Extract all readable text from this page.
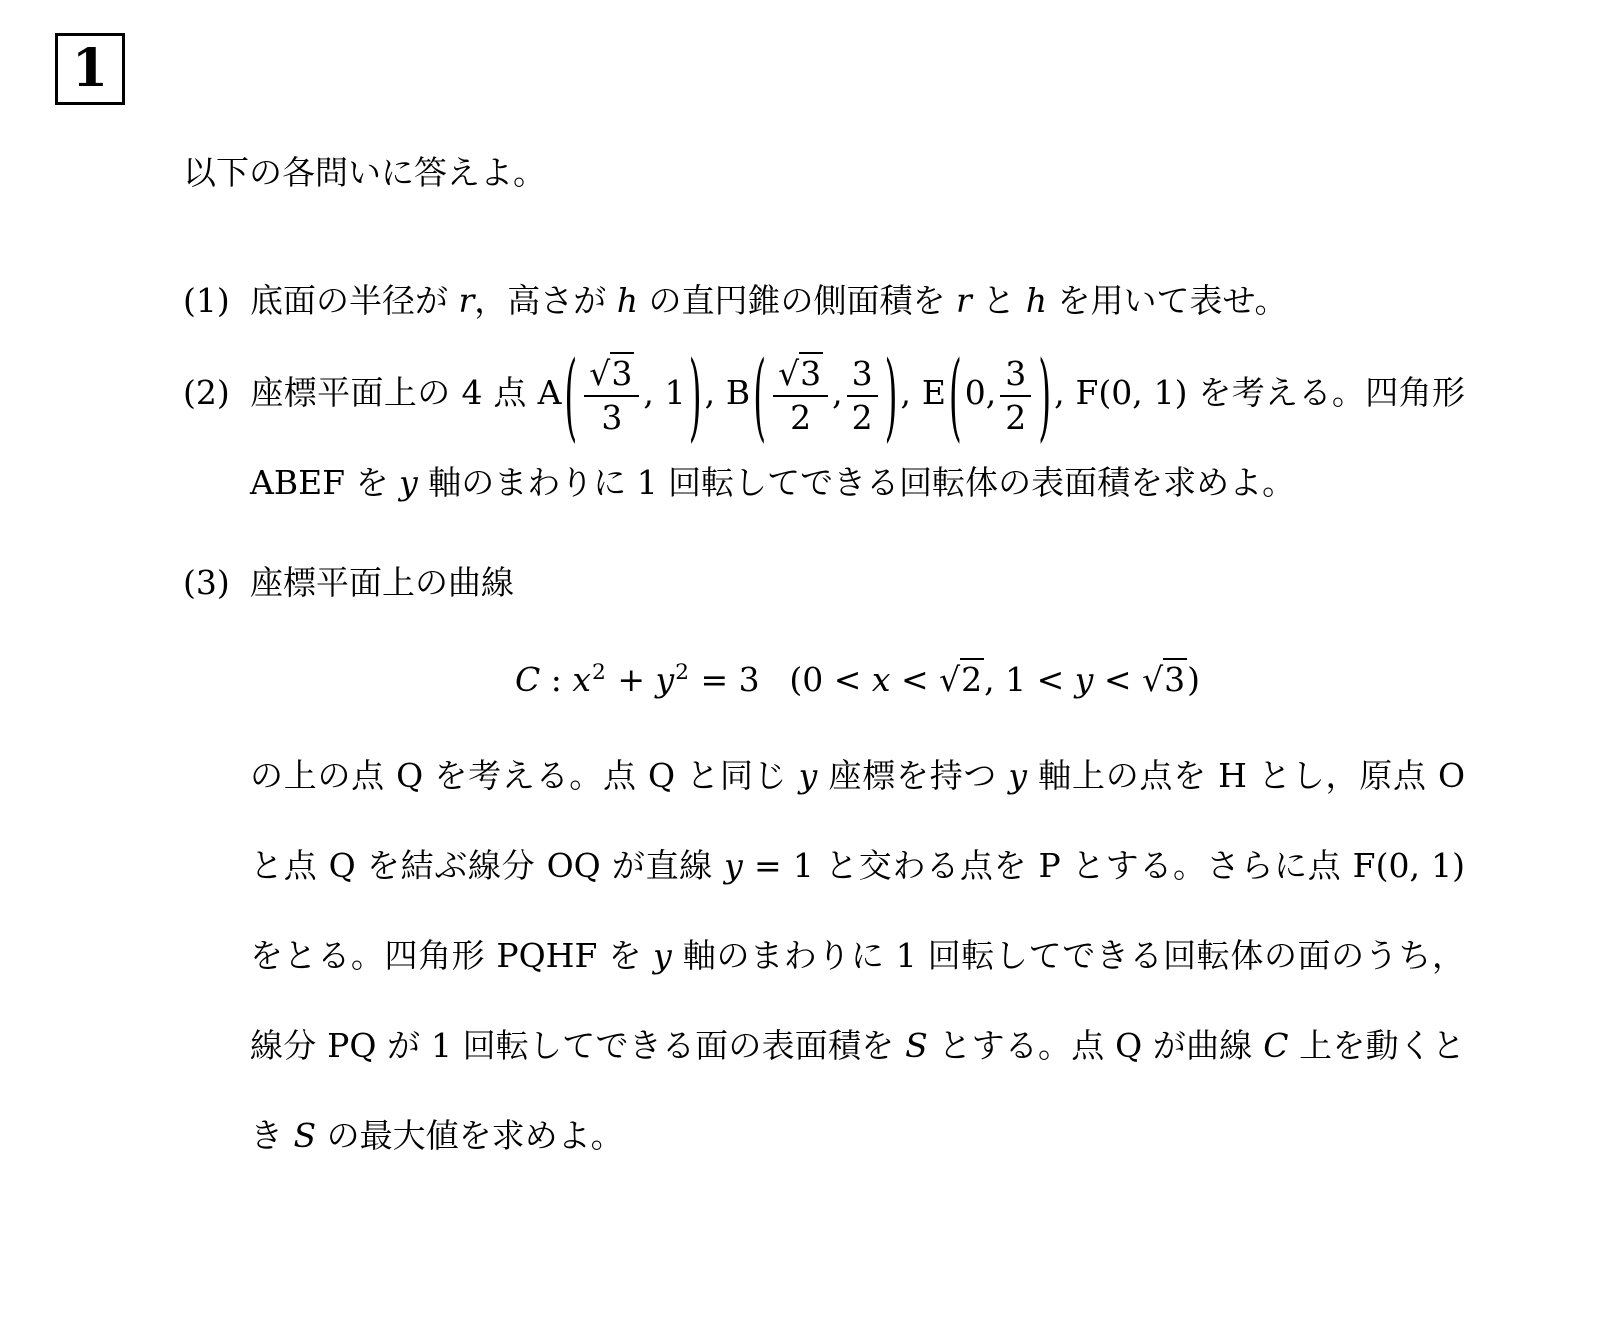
1
以下の各問いに答えよ。
(1) 底面の半径が r，高さが h の直円錐の側面積を r と h を用いて表せ。
(2) 座標平面上の 4 点 $A( \frac{√3}{3}$ , 1), $B( \frac{√3}{2}$ , $\frac{3}{2}$ ), E(0, $\frac{3}{2}$ ), F(0, 1) を考える。四角形 ABEF を y 軸のまわりに 1 回転してできる回転体の表面積を求めよ。
(3) 座標平面上の曲線
C : $x^2 + y^2 = 3$ (0 < x < √2, 1 < y < √3)
の上の点 Q を考える。点 Q と同じ y 座標を持つ y 軸上の点を H とし，原点 O と点 Q を結ぶ線分 OQ が直線 y = 1 と交わる点を P とする。さらに点 F(0, 1) をとる。四角形 PQHF を y 軸のまわりに 1 回転してできる回転体の面のうち，線分 PQ が 1 回転してできる面の表面積を S とする。点 Q が曲線 C 上を動くとき S の最大値を求めよ。
